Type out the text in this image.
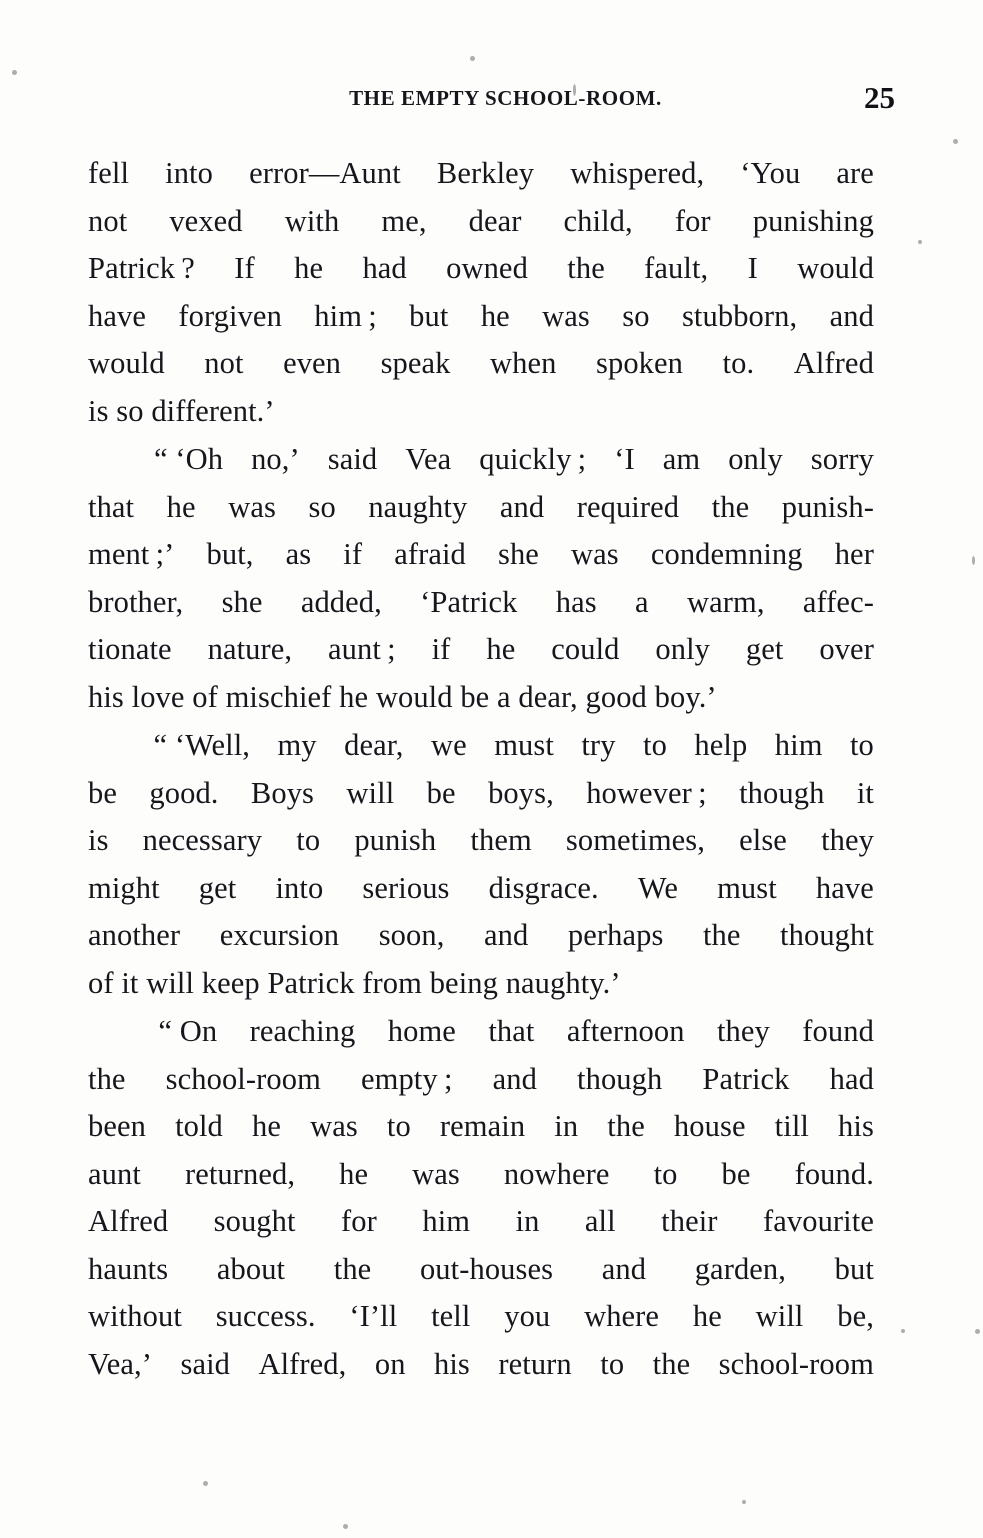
THE EMPTY SCHOOL-ROOM.	25
fell into error—Aunt Berkley whispered, ‘You are
not vexed with me, dear child, for punishing
Patrick ? If he had owned the fault, I would
have forgiven him ; but he was so stubborn, and
would not even speak when spoken to. Alfred
is so different.’
“ ‘Oh no,’ said Vea quickly ; ‘I am only sorry
that he was so naughty and required the punish-
ment ;’ but, as if afraid she was condemning her
brother, she added, ‘Patrick has a warm, affec-
tionate nature, aunt ; if he could only get over
his love of mischief he would be a dear, good boy.’
“ ‘Well, my dear, we must try to help him to
be good. Boys will be boys, however ; though it
is necessary to punish them sometimes, else they
might get into serious disgrace. We must have
another excursion soon, and perhaps the thought
of it will keep Patrick from being naughty.’
“ On reaching home that afternoon they found
the school-room empty ; and though Patrick had
been told he was to remain in the house till his
aunt returned, he was nowhere to be found.
Alfred sought for him in all their favourite
haunts about the out-houses and garden, but
without success. ‘I’ll tell you where he will be,
Vea,’ said Alfred, on his return to the school-room
